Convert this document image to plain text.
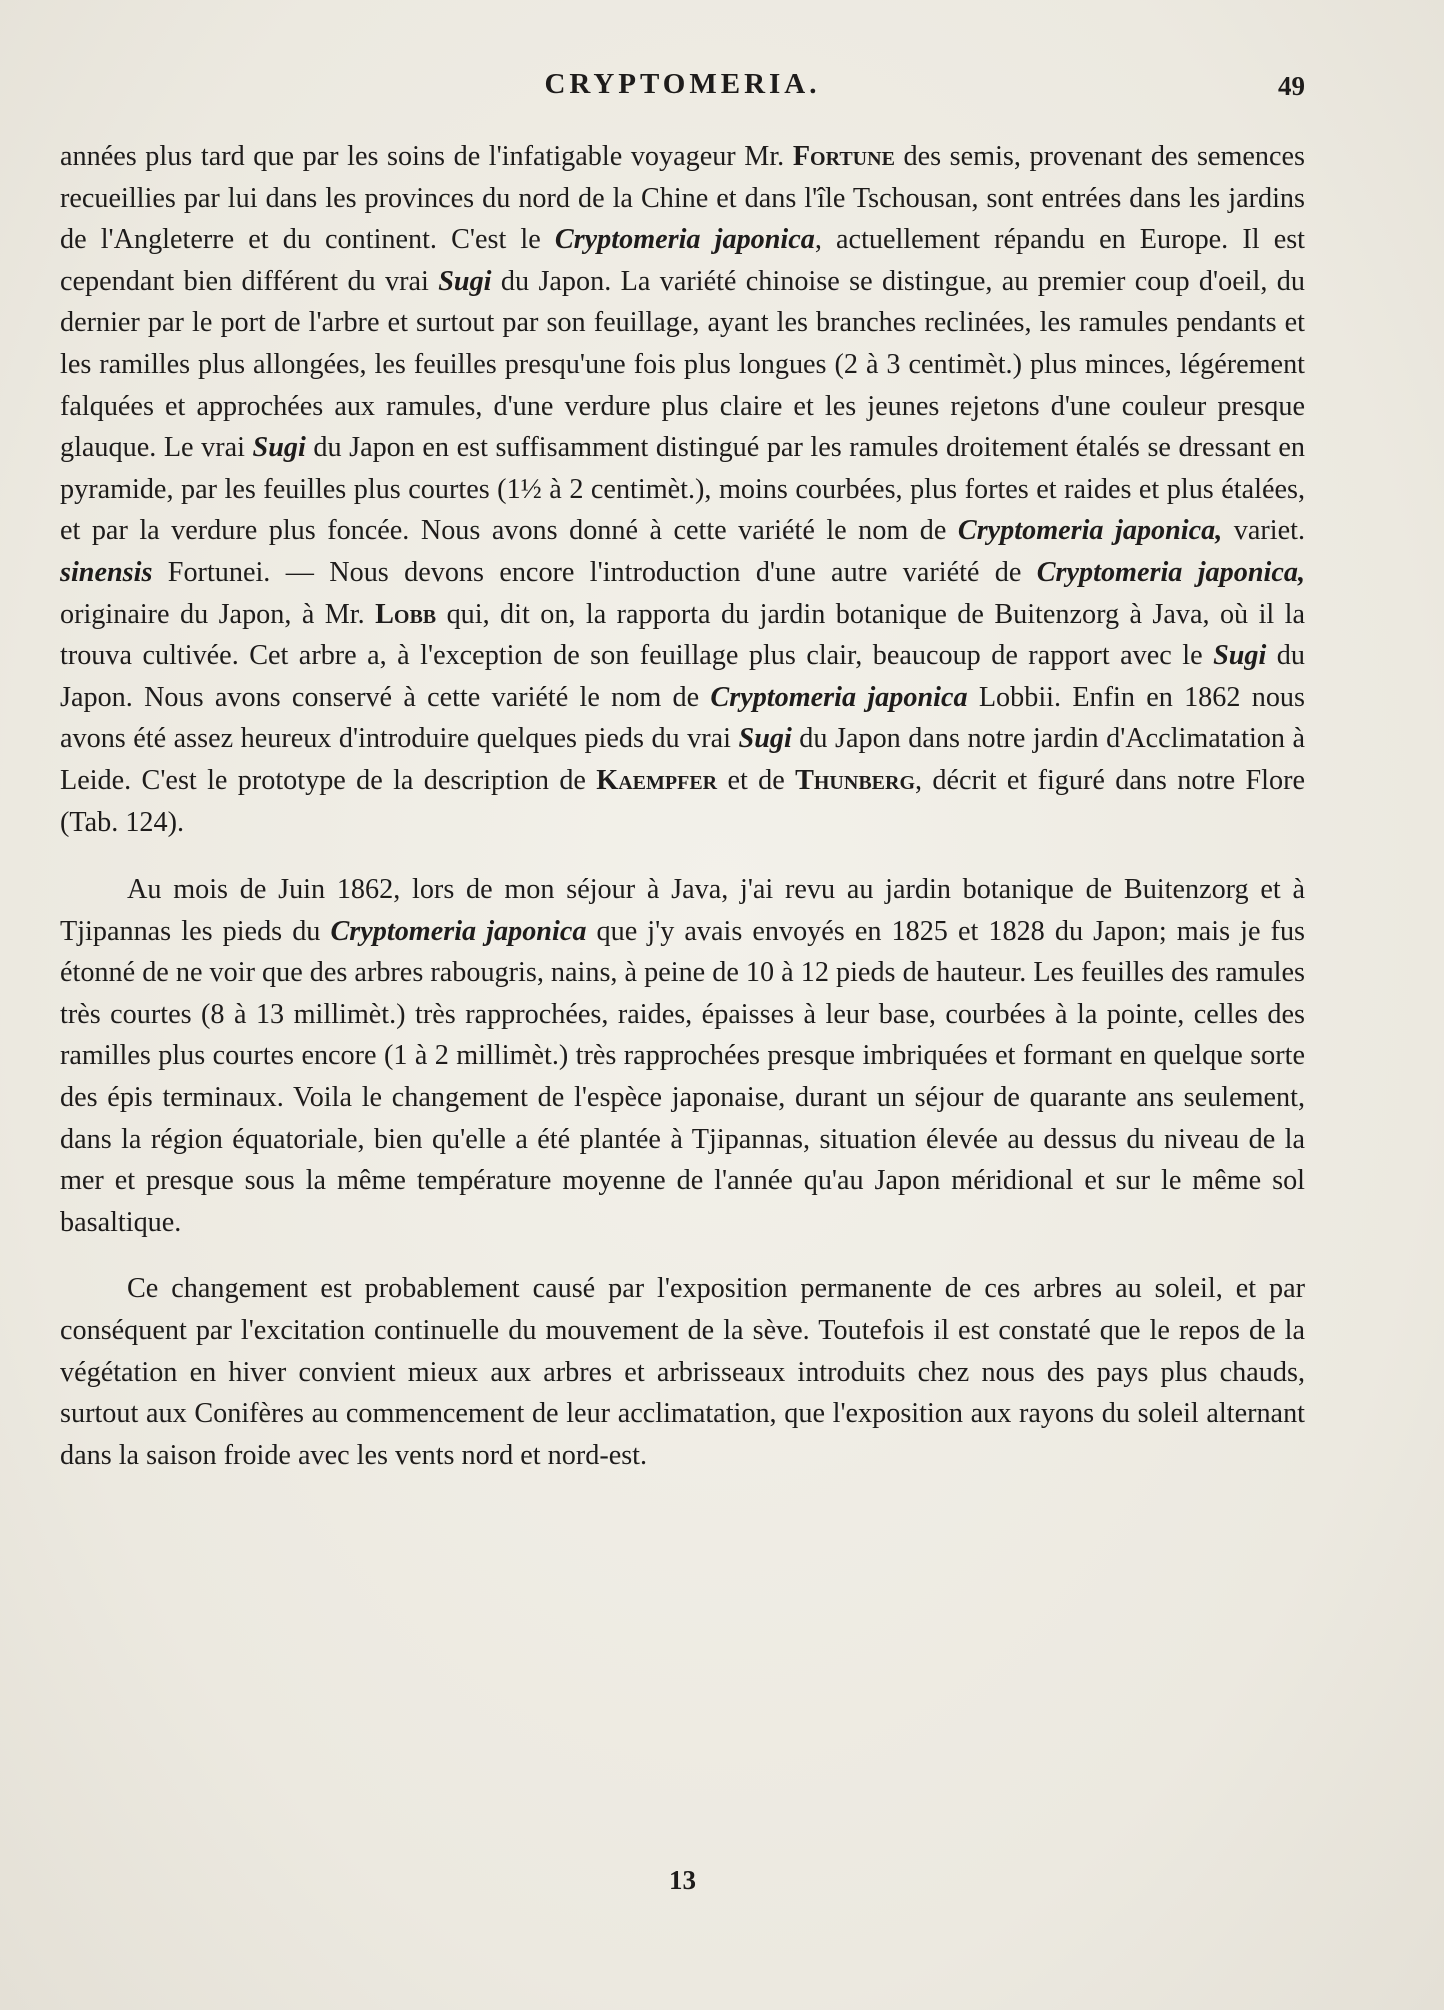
CRYPTOMERIA.	49

années plus tard que par les soins de l'infatigable voyageur Mr. Fortune des semis, provenant des semences recueillies par lui dans les provinces du nord de la Chine et dans l'île Tschousan, sont entrées dans les jardins de l'Angleterre et du continent. C'est le Cryptomeria japonica, actuellement répandu en Europe. Il est cependant bien différent du vrai Sugi du Japon. La variété chinoise se distingue, au premier coup d'oeil, du dernier par le port de l'arbre et surtout par son feuillage, ayant les branches reclinées, les ramules pendants et les ramilles plus allongées, les feuilles presqu'une fois plus longues (2 à 3 centimèt.) plus minces, légérement falquées et approchées aux ramules, d'une verdure plus claire et les jeunes rejetons d'une couleur presque glauque. Le vrai Sugi du Japon en est suffisamment distingué par les ramules droitement étalés se dressant en pyramide, par les feuilles plus courtes (1½ à 2 centimèt.), moins courbées, plus fortes et raides et plus étalées, et par la verdure plus foncée. Nous avons donné à cette variété le nom de Cryptomeria japonica, variet. sinensis Fortunei. — Nous devons encore l'introduction d'une autre variété de Cryptomeria japonica, originaire du Japon, à Mr. Lobb qui, dit on, la rapporta du jardin botanique de Buitenzorg à Java, où il la trouva cultivée. Cet arbre a, à l'exception de son feuillage plus clair, beaucoup de rapport avec le Sugi du Japon. Nous avons conservé à cette variété le nom de Cryptomeria japonica Lobbii. Enfin en 1862 nous avons été assez heureux d'introduire quelques pieds du vrai Sugi du Japon dans notre jardin d'Acclimatation à Leide. C'est le prototype de la description de Kaempfer et de Thunberg, décrit et figuré dans notre Flore (Tab. 124).

Au mois de Juin 1862, lors de mon séjour à Java, j'ai revu au jardin botanique de Buitenzorg et à Tjipannas les pieds du Cryptomeria japonica que j'y avais envoyés en 1825 et 1828 du Japon; mais je fus étonné de ne voir que des arbres rabougris, nains, à peine de 10 à 12 pieds de hauteur. Les feuilles des ramules très courtes (8 à 13 millimèt.) très rapprochées, raides, épaisses à leur base, courbées à la pointe, celles des ramilles plus courtes encore (1 à 2 millimèt.) très rapprochées presque imbriquées et formant en quelque sorte des épis terminaux. Voila le changement de l'espèce japonaise, durant un séjour de quarante ans seulement, dans la région équatoriale, bien qu'elle a été plantée à Tjipannas, situation élevée au dessus du niveau de la mer et presque sous la même température moyenne de l'année qu'au Japon méridional et sur le même sol basaltique.

Ce changement est probablement causé par l'exposition permanente de ces arbres au soleil, et par conséquent par l'excitation continuelle du mouvement de la sève. Toutefois il est constaté que le repos de la végétation en hiver convient mieux aux arbres et arbrisseaux introduits chez nous des pays plus chauds, surtout aux Conifères au commencement de leur acclimatation, que l'exposition aux rayons du soleil alternant dans la saison froide avec les vents nord et nord-est.

13
